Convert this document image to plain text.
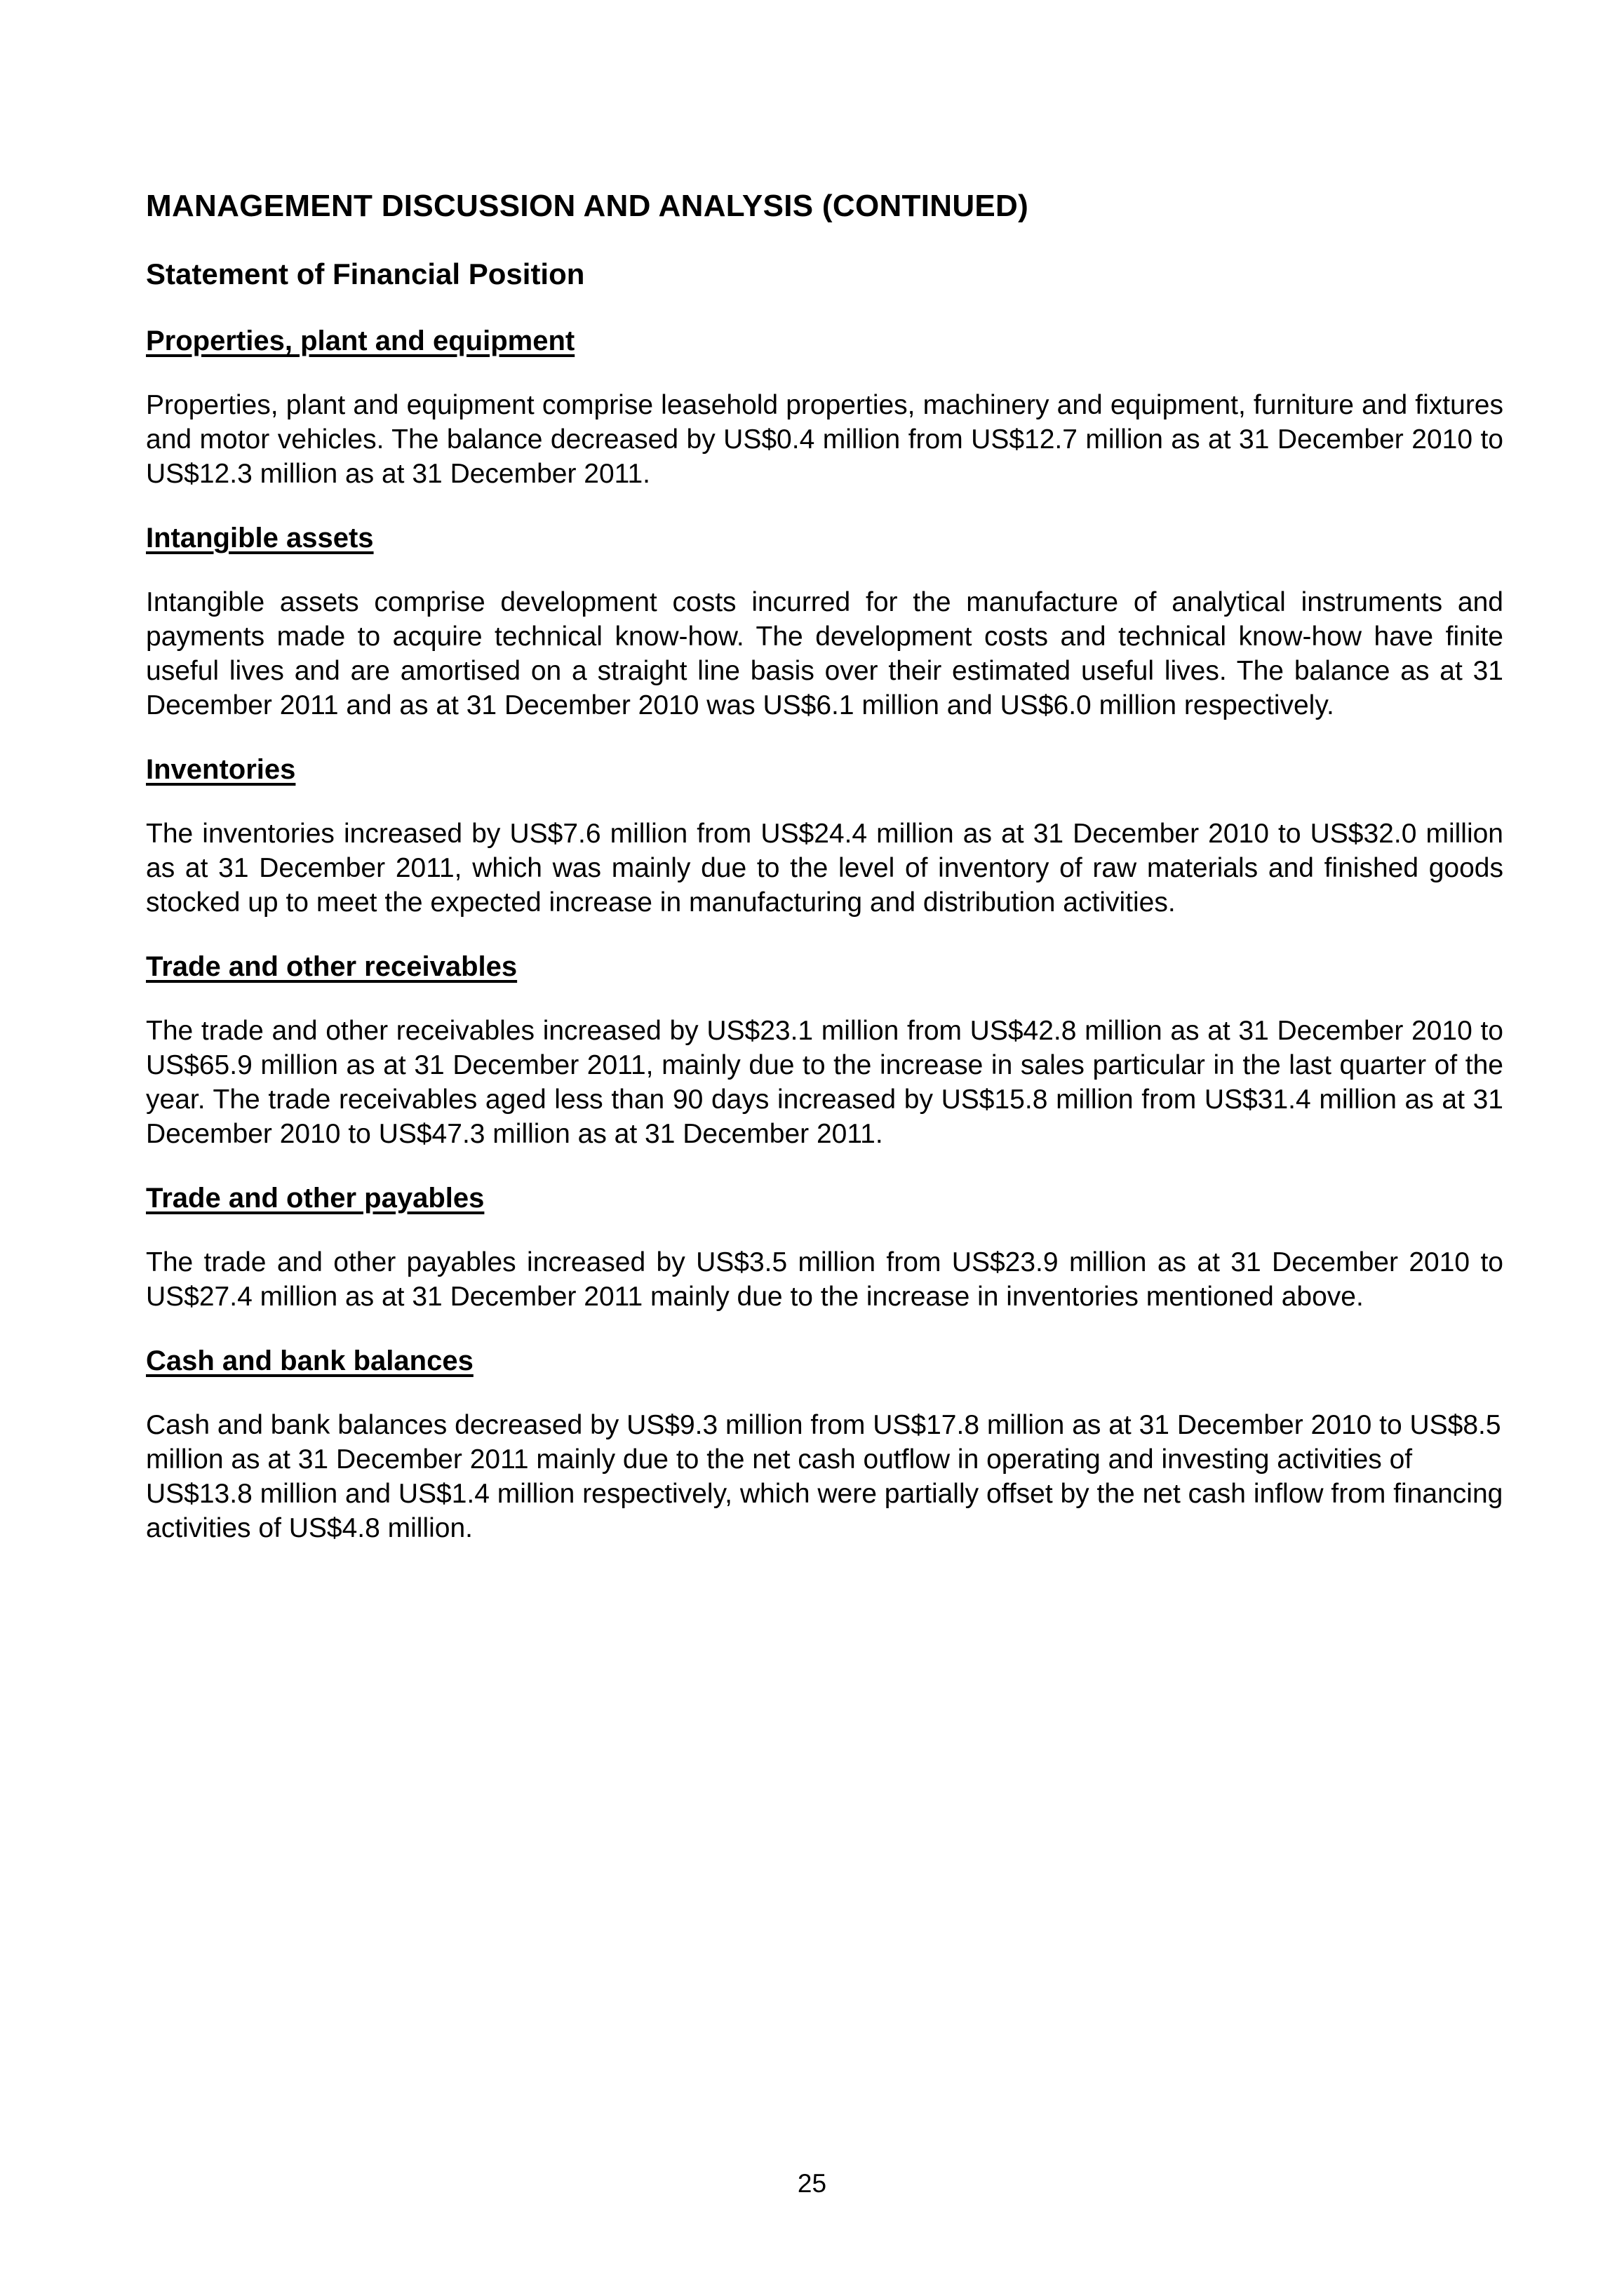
MANAGEMENT DISCUSSION AND ANALYSIS (CONTINUED)
Statement of Financial Position
Properties, plant and equipment

Properties, plant and equipment comprise leasehold properties, machinery and equipment, furniture and fixtures and motor vehicles. The balance decreased by US$0.4 million from US$12.7 million as at 31 December 2010 to US$12.3 million as at 31 December 2011.

Intangible assets

Intangible assets comprise development costs incurred for the manufacture of analytical instruments and payments made to acquire technical know-how. The development costs and technical know-how have finite useful lives and are amortised on a straight line basis over their estimated useful lives. The balance as at 31 December 2011 and as at 31 December 2010 was US$6.1 million and US$6.0 million respectively.

Inventories

The inventories increased by US$7.6 million from US$24.4 million as at 31 December 2010 to US$32.0 million as at 31 December 2011, which was mainly due to the level of inventory of raw materials and finished goods stocked up to meet the expected increase in manufacturing and distribution activities.

Trade and other receivables

The trade and other receivables increased by US$23.1 million from US$42.8 million as at 31 December 2010 to US$65.9 million as at 31 December 2011, mainly due to the increase in sales particular in the last quarter of the year. The trade receivables aged less than 90 days increased by US$15.8 million from US$31.4 million as at 31 December 2010 to US$47.3 million as at 31 December 2011.

Trade and other payables

The trade and other payables increased by US$3.5 million from US$23.9 million as at 31 December 2010 to US$27.4 million as at 31 December 2011 mainly due to the increase in inventories mentioned above.

Cash and bank balances

Cash and bank balances decreased by US$9.3 million from US$17.8 million as at 31 December 2010 to US$8.5 million as at 31 December 2011 mainly due to the net cash outflow in operating and investing activities of US$13.8 million and US$1.4 million respectively, which were partially offset by the net cash inflow from financing activities of US$4.8 million.

25
